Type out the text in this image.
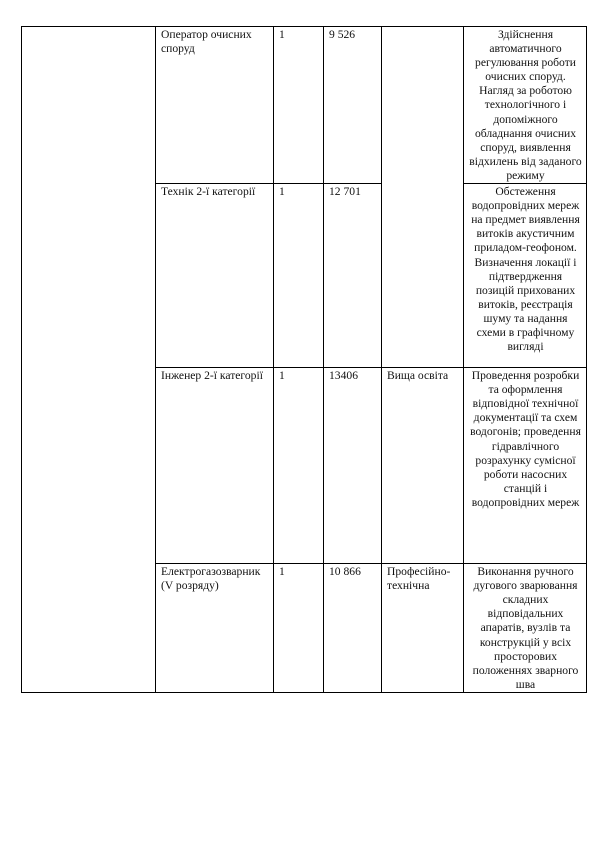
	Оператор очисних споруд	1	9 526		Здійснення автоматичного регулювання роботи очисних споруд. Нагляд за роботою технологічного і допоміжного обладнання очисних споруд, виявлення відхилень від заданого режиму
	Технік 2-ї категорії	1	12 701		Обстеження водопровідних мереж на предмет виявлення витоків акустичним приладом-геофоном. Визначення локації і підтвердження позицій прихованих витоків, реєстрація шуму та надання схеми в графічному вигляді
	Інженер 2-ї категорії	1	13406	Вища освіта	Проведення розробки та оформлення відповідної технічної документації та схем водогонів; проведення гідравлічного розрахунку сумісної роботи насосних станцій і водопровідних мереж
	Електрогазозварник (V розряду)	1	10 866	Професійно-технічна	Виконання ручного дугового зварювання складних відповідальних апаратів, вузлів та конструкцій у всіх просторових положеннях зварного шва
